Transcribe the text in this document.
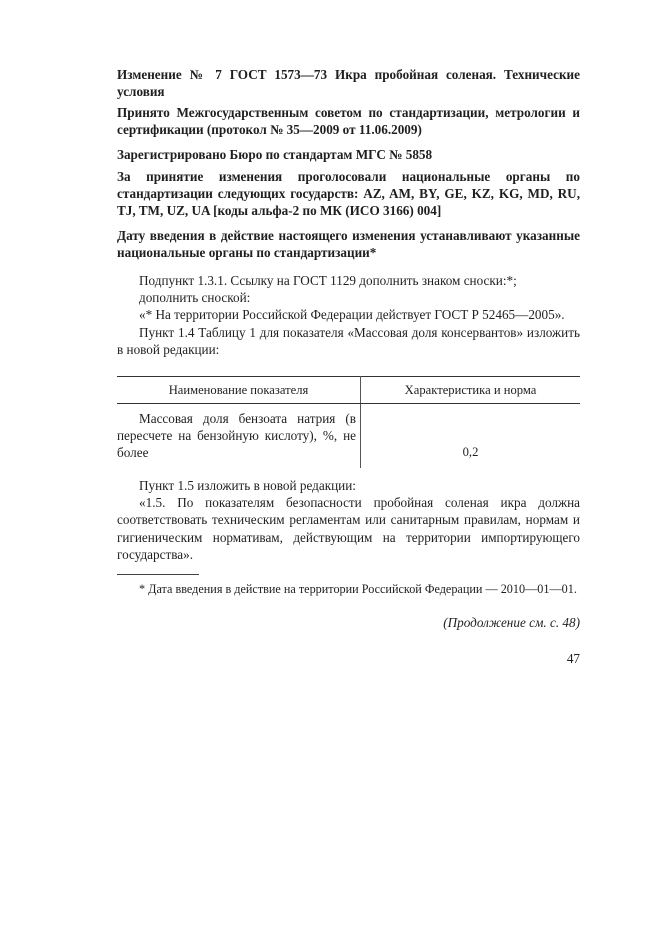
Изменение № 7 ГОСТ 1573—73 Икра пробойная соленая. Технические условия

Принято Межгосударственным советом по стандартизации, метрологии и сертификации (протокол № 35—2009 от 11.06.2009)

Зарегистрировано Бюро по стандартам МГС № 5858

За принятие изменения проголосовали национальные органы по стандартизации следующих государств: AZ, AM, BY, GE, KZ, KG, MD, RU, TJ, TM, UZ, UA [коды альфа-2 по МК (ИСО 3166) 004]

Дату введения в действие настоящего изменения устанавливают указанные национальные органы по стандартизации*

Подпункт 1.3.1. Ссылку на ГОСТ 1129 дополнить знаком сноски:*;

дополнить сноской:

«* На территории Российской Федерации действует ГОСТ Р 52465—2005».

Пункт 1.4 Таблицу 1 для показателя «Массовая доля консервантов» изложить в новой редакции:

Наименование показателя	Характеристика и норма

Массовая доля бензоата натрия (в пересчете на бензойную кислоту), %, не более	0,2

Пункт 1.5 изложить в новой редакции:

«1.5. По показателям безопасности пробойная соленая икра должна соответствовать техническим регламентам или санитарным правилам, нормам и гигиеническим нормативам, действующим на территории импортирующего государства».

* Дата введения в действие на территории Российской Федерации — 2010—01—01.

(Продолжение см. с. 48)

47
